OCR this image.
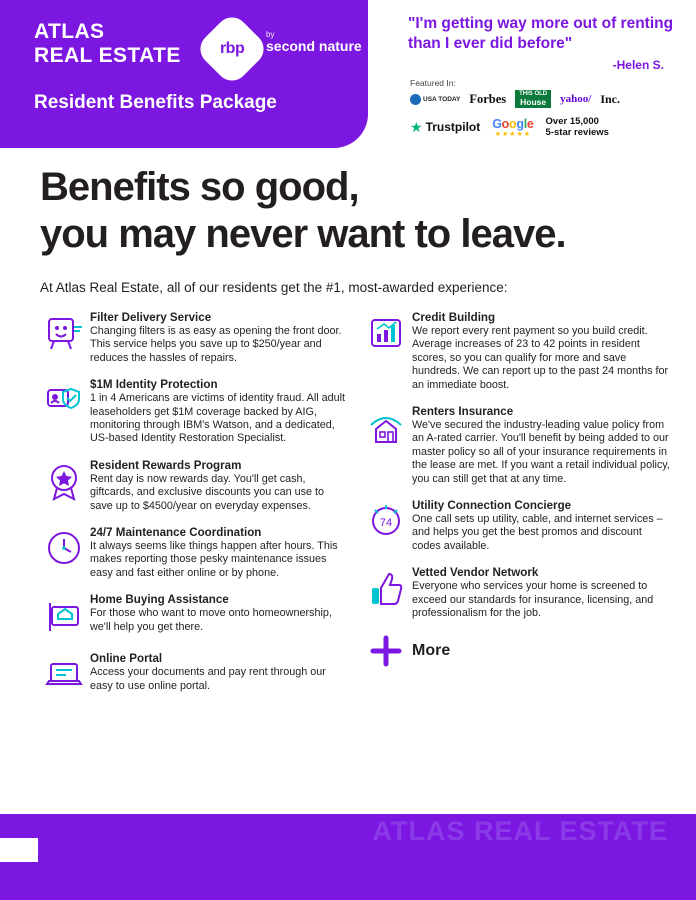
ATLAS
REAL ESTATE rbp
by
second nature
Resident Benefits Package
"I'm getting way more out of renting than I ever did before"
-Helen S.
Featured In:
USA TODAY Forbes	THIS OLD
House yahoo/ Inc.
★ Trustpilot Google
★★★★★
Over 15,000
5-star reviews
Benefits so good,
you may never want to leave.
At Atlas Real Estate, all of our residents get the #1, most-awarded experience:
Filter Delivery Service

Changing filters is as easy as opening the front door. This service helps you save up to $250/year and reduces the hassles of repairs.

$1M Identity Protection

1 in 4 Americans are victims of identity fraud. All adult leaseholders get $1M coverage backed by AIG, monitoring through IBM's Watson, and a dedicated, US-based Identity Restoration Specialist.

Resident Rewards Program

Rent day is now rewards day. You'll get cash, giftcards, and exclusive discounts you can use to save up to $4500/year on everyday expenses.

24/7 Maintenance Coordination

It always seems like things happen after hours. This makes reporting those pesky maintenance issues easy and fast either online or by phone.

Home Buying Assistance

For those who want to move onto homeownership, we'll help you get there.

Online Portal

Access your documents and pay rent through our easy to use online portal.

Credit Building

We report every rent payment so you build credit. Average increases of 23 to 42 points in resident scores, so you can qualify for more and save hundreds. We can report up to the past 24 months for an immediate boost.

Renters Insurance

We've secured the industry-leading value policy from an A-rated carrier. You'll benefit by being added to our master policy so all of your insurance requirements in the lease are met. If you want a retail individual policy, you can still get that at any time.

74
Utility Connection Concierge

One call sets up utility, cable, and internet services – and helps you get the best promos and discount codes available.

Vetted Vendor Network

Everyone who services your home is screened to exceed our standards for insurance, licensing, and professionalism for the job.

More
ATLAS REAL ESTATE
